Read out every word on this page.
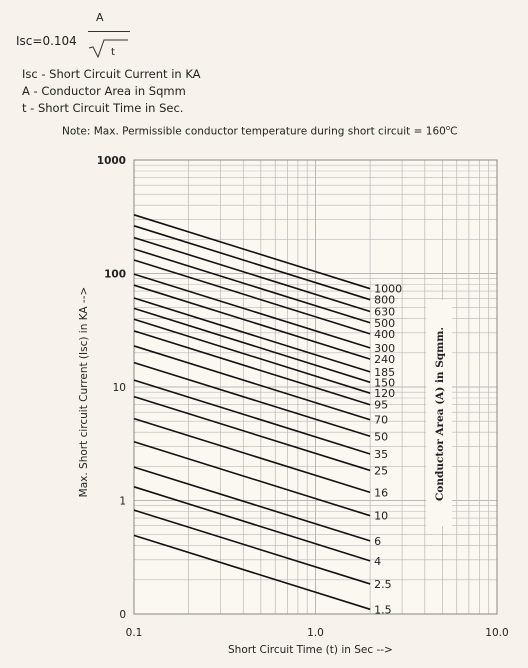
Isc=0.104
A
t
Isc - Short Circuit Current in KA
A - Conductor Area in Sqmm
t - Short Circuit Time in Sec.
Note: Max. Permissible conductor temperature during short circuit = $160^oC$
Conductor Area (A) in Sqmm.
0.1	1.0	10.0
0
1
10
100
1000
1000
800
630
500
400
300
240
185
150
120
95
70
50
35
25
16
10
6
4
2.5
1.5
Short Circuit Time (t) in Sec -->
Max. Short circuit Current (Isc) in KA -->
